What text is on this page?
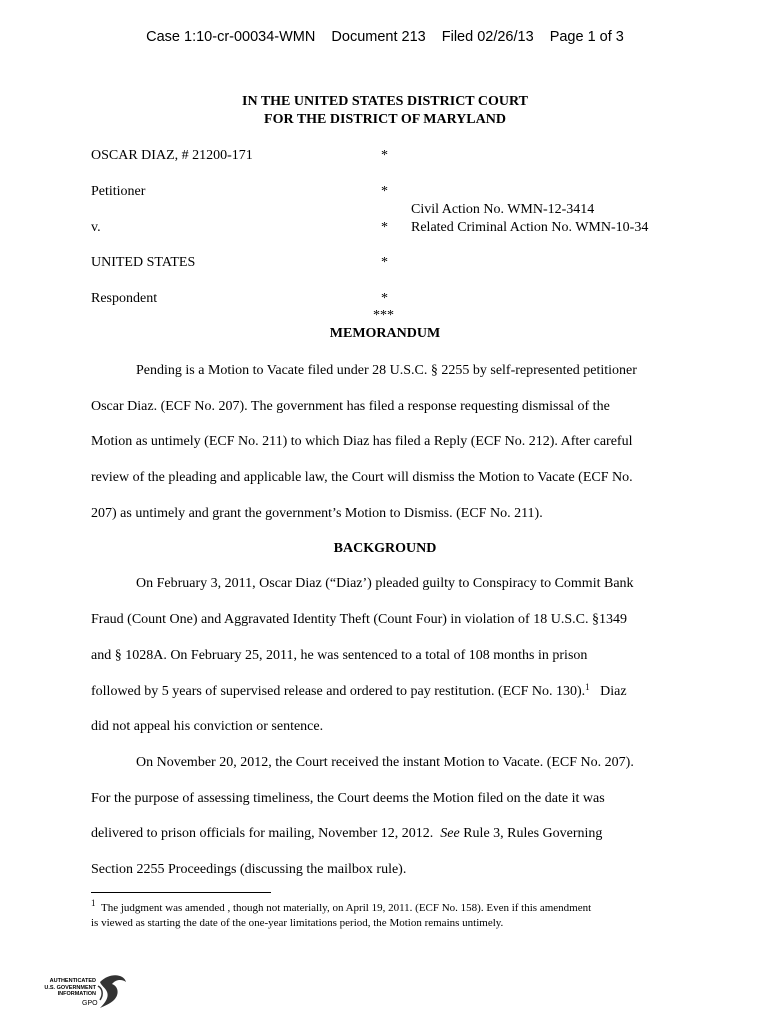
Case 1:10-cr-00034-WMN Document 213 Filed 02/26/13 Page 1 of 3
IN THE UNITED STATES DISTRICT COURT
FOR THE DISTRICT OF MARYLAND
OSCAR DIAZ, # 21200-171	*
Petitioner	*
Civil Action No. WMN-12-3414
v.	* Related Criminal Action No. WMN-10-34
UNITED STATES	*
Respondent	*
***
MEMORANDUM
Pending is a Motion to Vacate filed under 28 U.S.C. § 2255 by self-represented petitioner
Oscar Diaz. (ECF No. 207). The government has filed a response requesting dismissal of the
Motion as untimely (ECF No. 211) to which Diaz has filed a Reply (ECF No. 212). After careful
review of the pleading and applicable law, the Court will dismiss the Motion to Vacate (ECF No.
207) as untimely and grant the government’s Motion to Dismiss. (ECF No. 211).
BACKGROUND
On February 3, 2011, Oscar Diaz (“Diaz’) pleaded guilty to Conspiracy to Commit Bank
Fraud (Count One) and Aggravated Identity Theft (Count Four) in violation of 18 U.S.C. §1349
and § 1028A. On February 25, 2011, he was sentenced to a total of 108 months in prison
followed by 5 years of supervised release and ordered to pay restitution. (ECF No. 130).$^1$ Diaz
did not appeal his conviction or sentence.
On November 20, 2012, the Court received the instant Motion to Vacate. (ECF No. 207).
For the purpose of assessing timeliness, the Court deems the Motion filed on the date it was
delivered to prison officials for mailing, November 12, 2012. See Rule 3, Rules Governing
Section 2255 Proceedings (discussing the mailbox rule).
$^1$ The judgment was amended , though not materially, on April 19, 2011. (ECF No. 158). Even if this amendment
is viewed as starting the date of the one-year limitations period, the Motion remains untimely.
AUTHENTICATED U.S. GOVERNMENT INFORMATION
GPO
